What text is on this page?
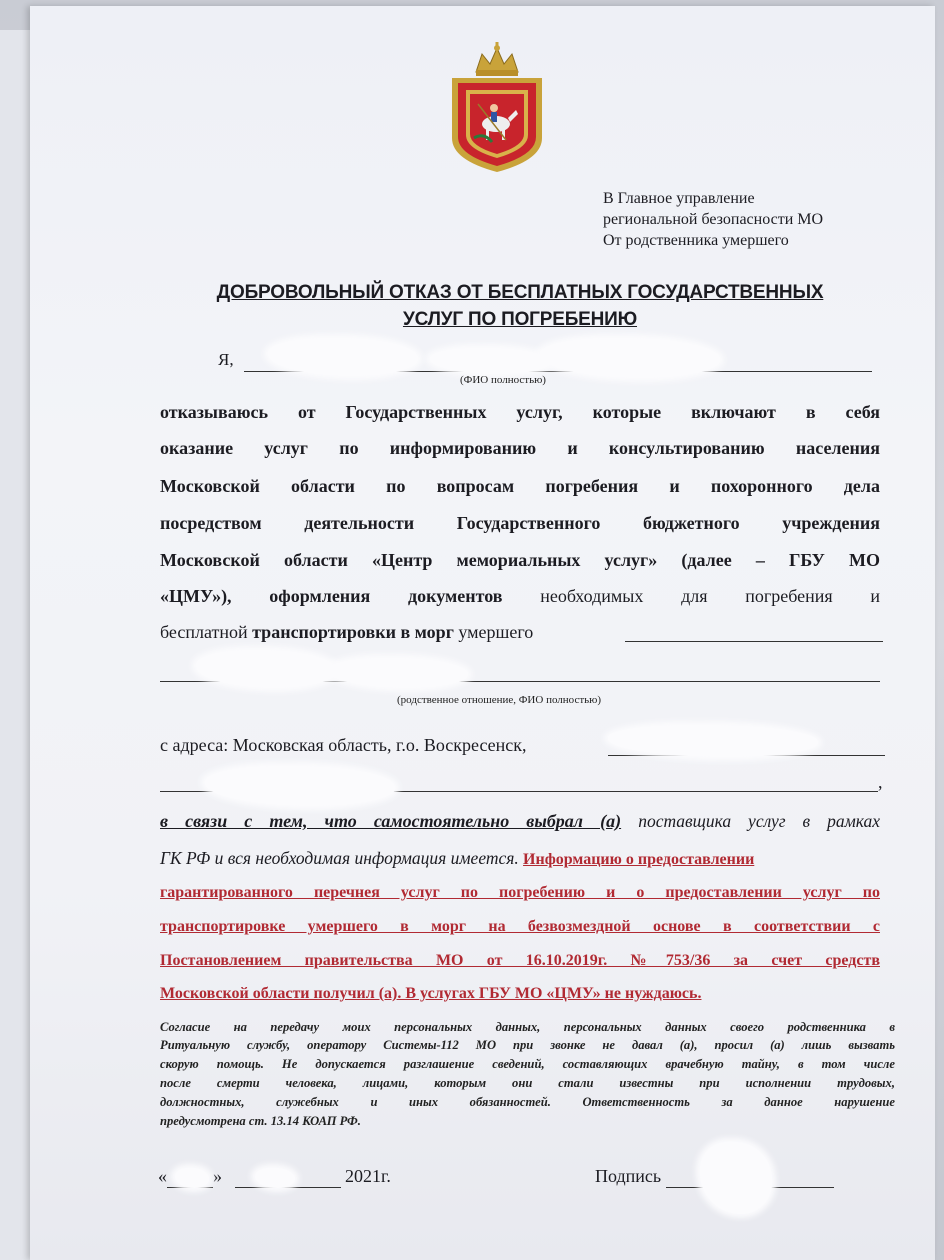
В Главное управление
региональной безопасности МО
От родственника умершего
ДОБРОВОЛЬНЫЙ ОТКАЗ ОТ БЕСПЛАТНЫХ ГОСУДАРСТВЕННЫХ
УСЛУГ ПО ПОГРЕБЕНИЮ
Я,
(ФИО полностью)
отказываюсь от Государственных услуг, которые включают в себя
оказание услуг по информированию и консультированию населения
Московской области по вопросам погребения и похоронного дела
посредством деятельности Государственного бюджетного учреждения
Московской области «Центр мемориальных услуг» (далее – ГБУ МО
«ЦМУ»), оформления документов необходимых для погребения и
бесплатной транспортировки в морг умершего
(родственное отношение, ФИО полностью)
с адреса: Московская область, г.о. Воскресенск,
,
в связи с тем, что самостоятельно выбрал (а) поставщика услуг в рамках
ГК РФ и вся необходимая информация имеется. Информацию о предоставлении
гарантированного перечнея услуг по погребению и о предоставлении услуг по
транспортировке умершего в морг на безвозмездной основе в соответствии с
Постановлением правительства МО от 16.10.2019г. №753/36 за счет средств
Московской области получил (а). В услугах ГБУ МО «ЦМУ» не нуждаюсь.
Согласие на передачу моих персональных данных, персональных данных своего родственника в
Ритуальную службу, оператору Системы-112 МО при звонке не давал (а), просил (а) лишь вызвать
скорую помощь. Не допускается разглашение сведений, составляющих врачебную тайну, в том числе
после смерти человека, лицами, которым они стали известны при исполнении трудовых,
должностных, служебных и иных обязанностей. Ответственность за данное нарушение
предусмотрена ст. 13.14 КОАП РФ.
«	»	2021г.	Подпись
